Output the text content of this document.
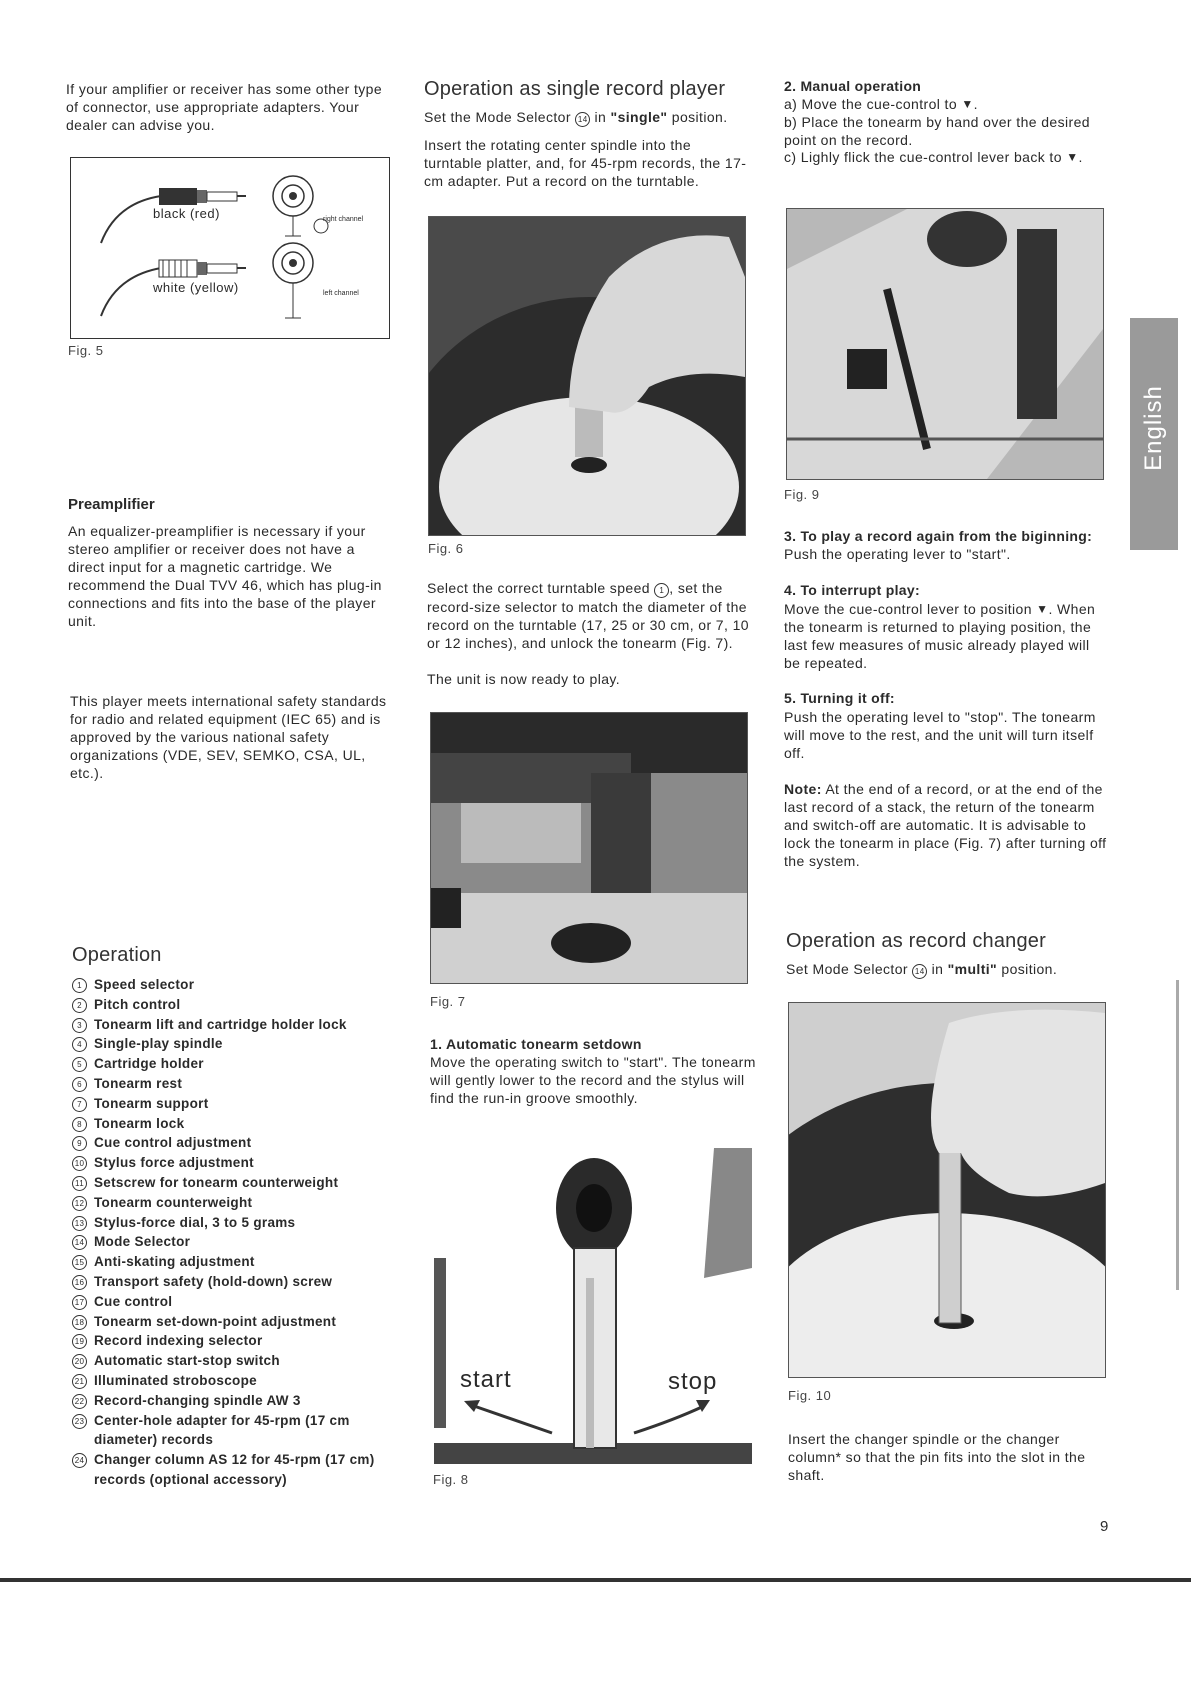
If your amplifier or receiver has some other type of connector, use appropriate adapters. Your dealer can advise you.

black (red)
white (yellow)
right channel
left channel
Fig. 5
Preamplifier

An equalizer-preamplifier is necessary if your stereo amplifier or receiver does not have a direct input for a magnetic cartridge. We recommend the Dual TVV 46, which has plug-in connections and fits into the base of the player unit.

This player meets international safety standards for radio and related equipment (IEC 65) and is approved by the various national safety organizations (VDE, SEV, SEMKO, CSA, UL, etc.).

Operation
1 Speed selector
2 Pitch control
3 Tonearm lift and cartridge holder lock
4 Single-play spindle
5 Cartridge holder
6 Tonearm rest
7 Tonearm support
8 Tonearm lock
9 Cue control adjustment
10 Stylus force adjustment
11 Setscrew for tonearm counterweight
12 Tonearm counterweight
13 Stylus-force dial, 3 to 5 grams
14 Mode Selector
15 Anti-skating adjustment
16 Transport safety (hold-down) screw
17 Cue control
18 Tonearm set-down-point adjustment
19 Record indexing selector
20 Automatic start-stop switch
21 Illuminated stroboscope
22 Record-changing spindle AW 3
23 Center-hole adapter for 45-rpm (17 cm diameter) records
24 Changer column AS 12 for 45-rpm (17 cm) records (optional accessory)
Operation as single record player

Set the Mode Selector 14 in "single" position.

Insert the rotating center spindle into the turntable platter, and, for 45-rpm records, the 17-cm adapter. Put a record on the turntable.

Fig. 6

Select the correct turntable speed 1 , set the record-size selector to match the diameter of the record on the turntable (17, 25 or 30 cm, or 7, 10 or 12 inches), and unlock the tonearm (Fig. 7).

The unit is now ready to play.

Fig. 7

1. Automatic tonearm setdown

Move the operating switch to "start". The tonearm will gently lower to the record and the stylus will find the run-in groove smoothly.

start	stop
Fig. 8

2. Manual operation

a) Move the cue-control to ▼.

b) Place the tonearm by hand over the desired point on the record.

c) Lighly flick the cue-control lever back to ▼.

Fig. 9

3. To play a record again from the biginning:

Push the operating lever to "start".

4. To interrupt play:

Move the cue-control lever to position ▼. When the tonearm is returned to playing position, the last few measures of music already played will be repeated.

5. Turning it off:

Push the operating level to "stop". The tonearm will move to the rest, and the unit will turn itself off.

Note: At the end of a record, or at the end of the last record of a stack, the return of the tonearm and switch-off are automatic. It is advisable to lock the tonearm in place (Fig. 7) after turning off the system.

Operation as record changer

Set Mode Selector 14 in "multi" position.

Fig. 10

Insert the changer spindle or the changer column* so that the pin fits into the slot in the shaft.

English
9
